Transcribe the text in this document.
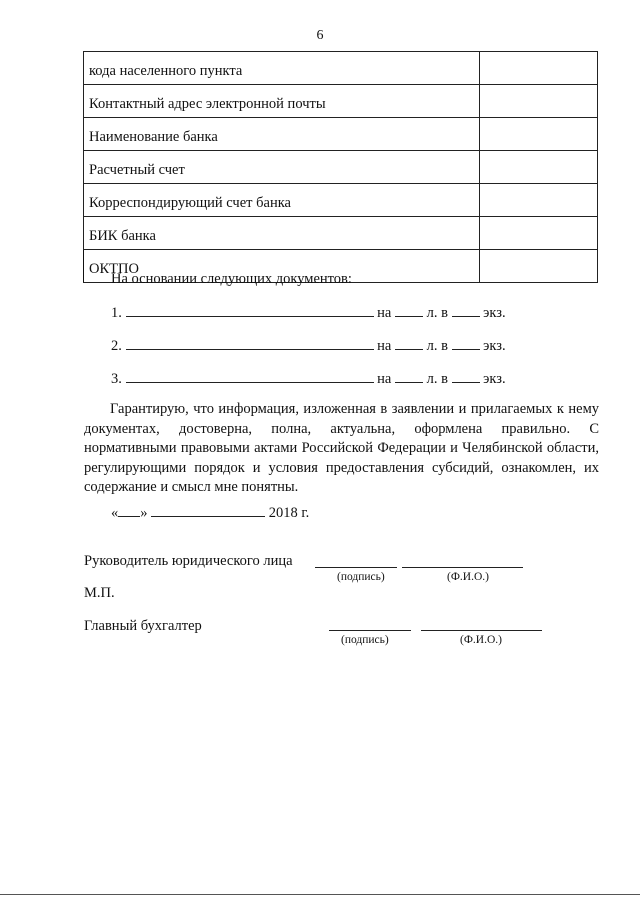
6
кода населенного пункта	
Контактный адрес электронной почты	
Наименование банка	
Расчетный счет	
Корреспондирующий счет банка	
БИК банка	
ОКТПО	
На основании следующих документов:
1.	на л. в экз.
2.	на л. в экз.
3.	на л. в экз.
Гарантирую, что информация, изложенная в заявлении и прилагаемых к нему документах, достоверна, полна, актуальна, оформлена правильно. С нормативными правовыми актами Российской Федерации и Челябинской области, регулирующими порядок и условия предоставления субсидий, ознакомлен, их содержание и смысл мне понятны.
« »	2018 г.
Руководитель юридического лица
(подпись)	(Ф.И.О.)
М.П.
Главный бухгалтер
(подпись)	(Ф.И.О.)
